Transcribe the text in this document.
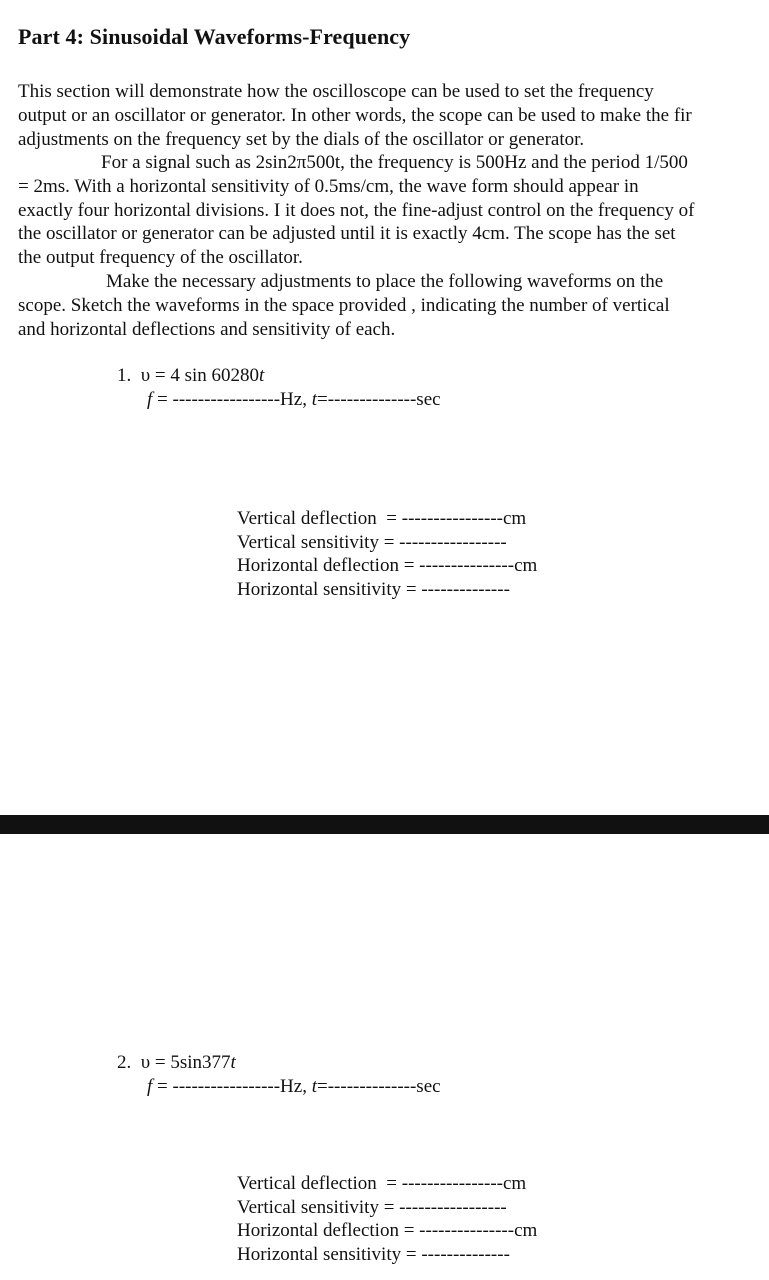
Part 4: Sinusoidal Waveforms-Frequency
This section will demonstrate how the oscilloscope can be used to set the frequency
output or an oscillator or generator. In other words, the scope can be used to make the fir
adjustments on the frequency set by the dials of the oscillator or generator.
For a signal such as 2sin2π500t, the frequency is 500Hz and the period 1/500
= 2ms. With a horizontal sensitivity of 0.5ms/cm, the wave form should appear in
exactly four horizontal divisions. I it does not, the fine-adjust control on the frequency of
the oscillator or generator can be adjusted until it is exactly 4cm. The scope has the set
the output frequency of the oscillator.
Make the necessary adjustments to place the following waveforms on the
scope. Sketch the waveforms in the space provided , indicating the number of vertical
and horizontal deflections and sensitivity of each.
1. υ = 4 sin 60280t
f = -----------------Hz, t=--------------sec
Vertical deflection  = ----------------cm
Vertical sensitivity = -----------------
Horizontal deflection = ---------------cm
Horizontal sensitivity = --------------
2. υ = 5sin377t
f = -----------------Hz, t=--------------sec
Vertical deflection  = ----------------cm
Vertical sensitivity = -----------------
Horizontal deflection = ---------------cm
Horizontal sensitivity = --------------
